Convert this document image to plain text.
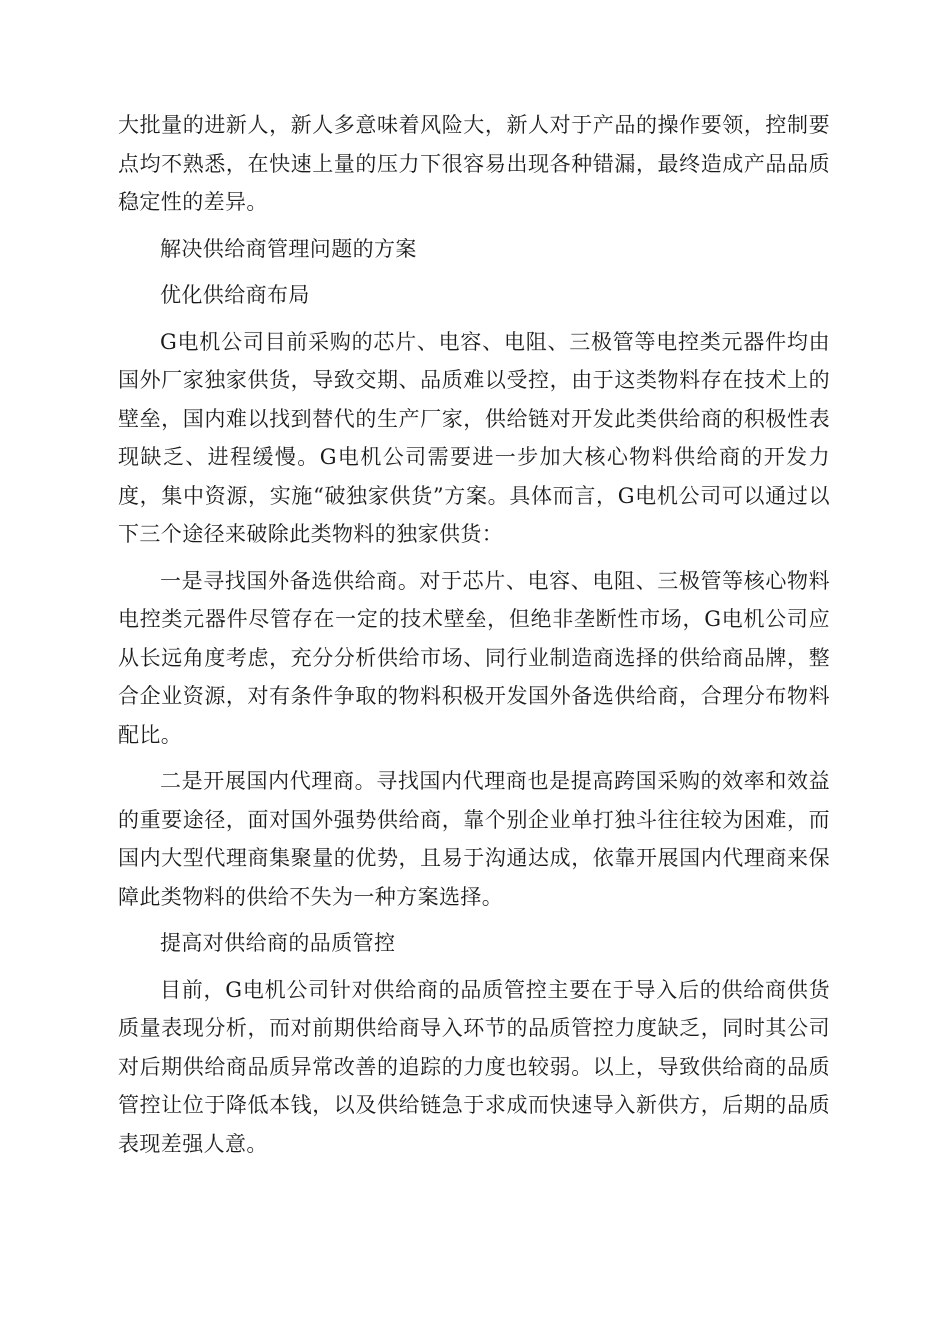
大批量的进新人，新人多意味着风险大，新人对于产品的操作要领，控制要点均不熟悉，在快速上量的压力下很容易出现各种错漏，最终造成产品品质稳定性的差异。

解决供给商管理问题的方案

优化供给商布局

G电机公司目前采购的芯片、电容、电阻、三极管等电控类元器件均由国外厂家独家供货，导致交期、品质难以受控，由于这类物料存在技术上的壁垒，国内难以找到替代的生产厂家，供给链对开发此类供给商的积极性表现缺乏、进程缓慢。G电机公司需要进一步加大核心物料供给商的开发力度，集中资源，实施“破独家供货”方案。具体而言，G电机公司可以通过以下三个途径来破除此类物料的独家供货：

一是寻找国外备选供给商。对于芯片、电容、电阻、三极管等核心物料电控类元器件尽管存在一定的技术壁垒，但绝非垄断性市场，G电机公司应从长远角度考虑，充分分析供给市场、同行业制造商选择的供给商品牌，整合企业资源，对有条件争取的物料积极开发国外备选供给商，合理分布物料配比。

二是开展国内代理商。寻找国内代理商也是提高跨国采购的效率和效益的重要途径，面对国外强势供给商，靠个别企业单打独斗往往较为困难，而国内大型代理商集聚量的优势，且易于沟通达成，依靠开展国内代理商来保障此类物料的供给不失为一种方案选择。

提高对供给商的品质管控

目前，G电机公司针对供给商的品质管控主要在于导入后的供给商供货质量表现分析，而对前期供给商导入环节的品质管控力度缺乏，同时其公司对后期供给商品质异常改善的追踪的力度也较弱。以上，导致供给商的品质管控让位于降低本钱，以及供给链急于求成而快速导入新供方，后期的品质表现差强人意。
